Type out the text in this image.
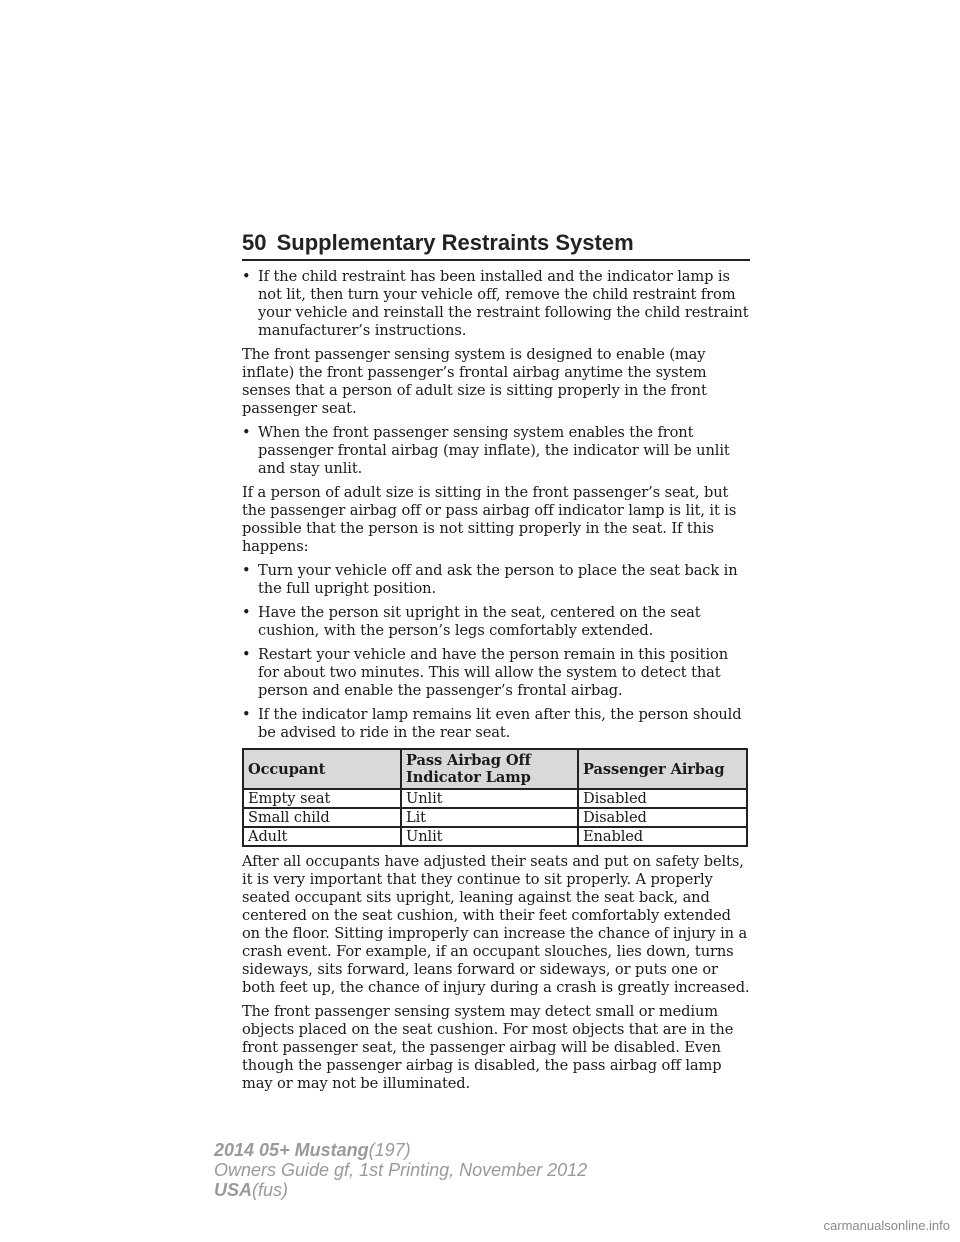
50 Supplementary Restraints System
• If the child restraint has been installed and the indicator lamp is not lit, then turn your vehicle off, remove the child restraint from your vehicle and reinstall the restraint following the child restraint manufacturer’s instructions.

The front passenger sensing system is designed to enable (may inflate) the front passenger’s frontal airbag anytime the system senses that a person of adult size is sitting properly in the front passenger seat.

• When the front passenger sensing system enables the front passenger frontal airbag (may inflate), the indicator will be unlit and stay unlit.

If a person of adult size is sitting in the front passenger’s seat, but the passenger airbag off or pass airbag off indicator lamp is lit, it is possible that the person is not sitting properly in the seat. If this happens:

• Turn your vehicle off and ask the person to place the seat back in the full upright position.
• Have the person sit upright in the seat, centered on the seat cushion, with the person’s legs comfortably extended.
• Restart your vehicle and have the person remain in this position for about two minutes. This will allow the system to detect that person and enable the passenger’s frontal airbag.
• If the indicator lamp remains lit even after this, the person should be advised to ride in the rear seat.
Occupant	Pass Airbag Off Indicator Lamp	Passenger Airbag
Empty seat	Unlit	Disabled
Small child	Lit	Disabled
Adult	Unlit	Enabled

After all occupants have adjusted their seats and put on safety belts, it is very important that they continue to sit properly. A properly seated occupant sits upright, leaning against the seat back, and centered on the seat cushion, with their feet comfortably extended on the floor. Sitting improperly can increase the chance of injury in a crash event. For example, if an occupant slouches, lies down, turns sideways, sits forward, leans forward or sideways, or puts one or both feet up, the chance of injury during a crash is greatly increased.

The front passenger sensing system may detect small or medium objects placed on the seat cushion. For most objects that are in the front passenger seat, the passenger airbag will be disabled. Even though the passenger airbag is disabled, the pass airbag off lamp may or may not be illuminated.

2014 05+ Mustang(197)
Owners Guide gf, 1st Printing, November 2012
USA(fus)
carmanualsonline.info
